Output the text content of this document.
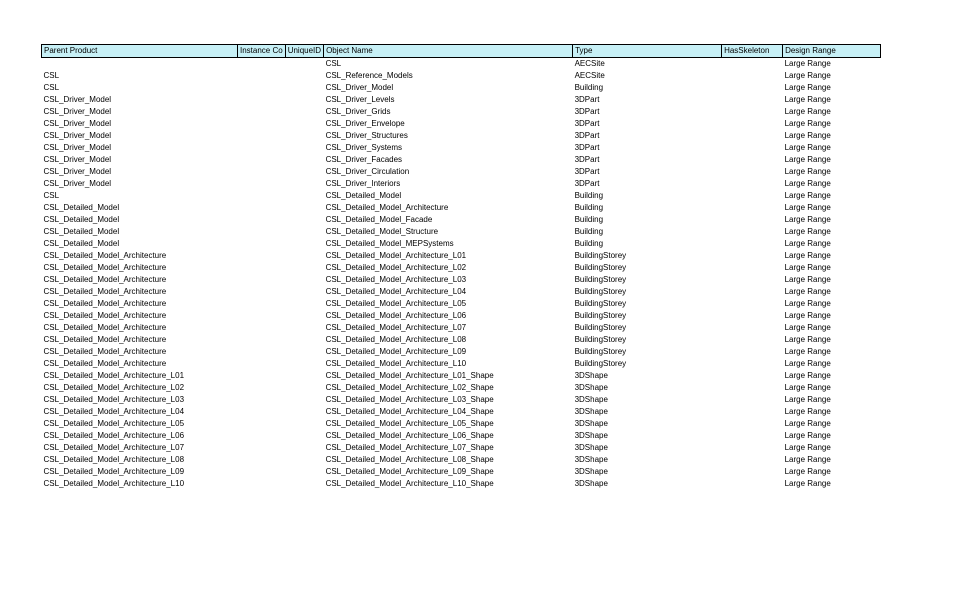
Parent Product	Instance Co	UniqueID	Object Name	Type	HasSkeleton	Design Range
			CSL	AECSite		Large Range
CSL			CSL_Reference_Models	AECSite		Large Range
CSL			CSL_Driver_Model	Building		Large Range
CSL_Driver_Model			CSL_Driver_Levels	3DPart		Large Range
CSL_Driver_Model			CSL_Driver_Grids	3DPart		Large Range
CSL_Driver_Model			CSL_Driver_Envelope	3DPart		Large Range
CSL_Driver_Model			CSL_Driver_Structures	3DPart		Large Range
CSL_Driver_Model			CSL_Driver_Systems	3DPart		Large Range
CSL_Driver_Model			CSL_Driver_Facades	3DPart		Large Range
CSL_Driver_Model			CSL_Driver_Circulation	3DPart		Large Range
CSL_Driver_Model			CSL_Driver_Interiors	3DPart		Large Range
CSL			CSL_Detailed_Model	Building		Large Range
CSL_Detailed_Model			CSL_Detailed_Model_Architecture	Building		Large Range
CSL_Detailed_Model			CSL_Detailed_Model_Facade	Building		Large Range
CSL_Detailed_Model			CSL_Detailed_Model_Structure	Building		Large Range
CSL_Detailed_Model			CSL_Detailed_Model_MEPSystems	Building		Large Range
CSL_Detailed_Model_Architecture			CSL_Detailed_Model_Architecture_L01	BuildingStorey		Large Range
CSL_Detailed_Model_Architecture			CSL_Detailed_Model_Architecture_L02	BuildingStorey		Large Range
CSL_Detailed_Model_Architecture			CSL_Detailed_Model_Architecture_L03	BuildingStorey		Large Range
CSL_Detailed_Model_Architecture			CSL_Detailed_Model_Architecture_L04	BuildingStorey		Large Range
CSL_Detailed_Model_Architecture			CSL_Detailed_Model_Architecture_L05	BuildingStorey		Large Range
CSL_Detailed_Model_Architecture			CSL_Detailed_Model_Architecture_L06	BuildingStorey		Large Range
CSL_Detailed_Model_Architecture			CSL_Detailed_Model_Architecture_L07	BuildingStorey		Large Range
CSL_Detailed_Model_Architecture			CSL_Detailed_Model_Architecture_L08	BuildingStorey		Large Range
CSL_Detailed_Model_Architecture			CSL_Detailed_Model_Architecture_L09	BuildingStorey		Large Range
CSL_Detailed_Model_Architecture			CSL_Detailed_Model_Architecture_L10	BuildingStorey		Large Range
CSL_Detailed_Model_Architecture_L01			CSL_Detailed_Model_Architecture_L01_Shape	3DShape		Large Range
CSL_Detailed_Model_Architecture_L02			CSL_Detailed_Model_Architecture_L02_Shape	3DShape		Large Range
CSL_Detailed_Model_Architecture_L03			CSL_Detailed_Model_Architecture_L03_Shape	3DShape		Large Range
CSL_Detailed_Model_Architecture_L04			CSL_Detailed_Model_Architecture_L04_Shape	3DShape		Large Range
CSL_Detailed_Model_Architecture_L05			CSL_Detailed_Model_Architecture_L05_Shape	3DShape		Large Range
CSL_Detailed_Model_Architecture_L06			CSL_Detailed_Model_Architecture_L06_Shape	3DShape		Large Range
CSL_Detailed_Model_Architecture_L07			CSL_Detailed_Model_Architecture_L07_Shape	3DShape		Large Range
CSL_Detailed_Model_Architecture_L08			CSL_Detailed_Model_Architecture_L08_Shape	3DShape		Large Range
CSL_Detailed_Model_Architecture_L09			CSL_Detailed_Model_Architecture_L09_Shape	3DShape		Large Range
CSL_Detailed_Model_Architecture_L10			CSL_Detailed_Model_Architecture_L10_Shape	3DShape		Large Range
